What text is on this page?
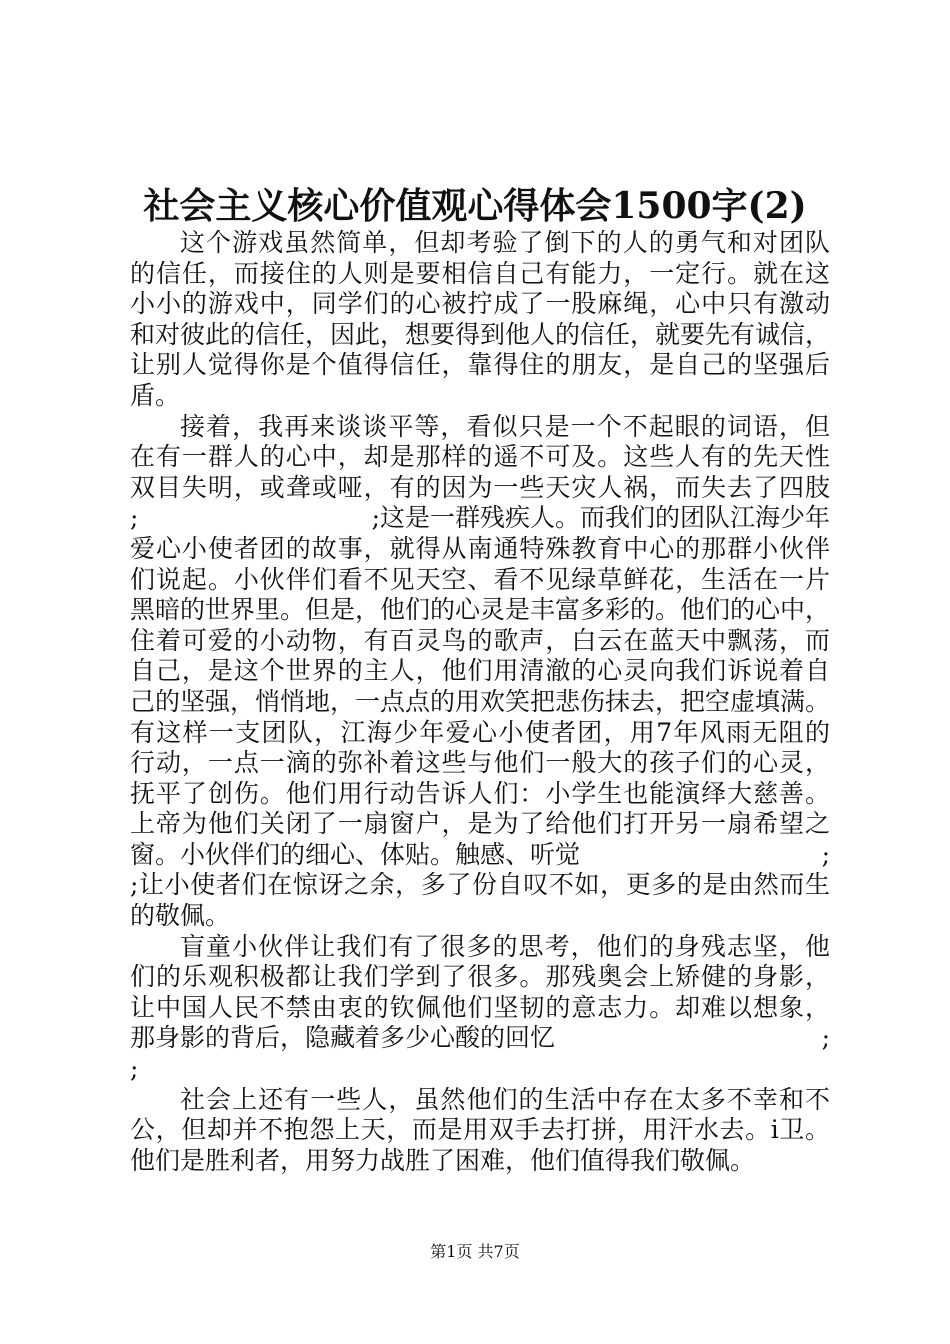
社会主义核心价值观心得体会1500字(2)
这个游戏虽然简单，但却考验了倒下的人的勇气和对团队
的信任，而接住的人则是要相信自己有能力，一定行。就在这
小小的游戏中，同学们的心被拧成了一股麻绳，心中只有激动
和对彼此的信任，因此，想要得到他人的信任，就要先有诚信，
让别人觉得你是个值得信任，靠得住的朋友，是自己的坚强后
盾。
接着，我再来谈谈平等，看似只是一个不起眼的词语，但
在有一群人的心中，却是那样的遥不可及。这些人有的先天性
双目失明，或聋或哑，有的因为一些天灾人祸，而失去了四肢
;	;这是一群残疾人。而我们的团队江海少年
爱心小使者团的故事，就得从南通特殊教育中心的那群小伙伴
们说起。小伙伴们看不见天空、看不见绿草鲜花，生活在一片
黑暗的世界里。但是，他们的心灵是丰富多彩的。他们的心中，
住着可爱的小动物，有百灵鸟的歌声，白云在蓝天中飘荡，而
自己，是这个世界的主人，他们用清澈的心灵向我们诉说着自
己的坚强，悄悄地，一点点的用欢笑把悲伤抹去，把空虚填满。
有这样一支团队，江海少年爱心小使者团，用7年风雨无阻的
行动，一点一滴的弥补着这些与他们一般大的孩子们的心灵，
抚平了创伤。他们用行动告诉人们：小学生也能演绎大慈善。
上帝为他们关闭了一扇窗户，是为了给他们打开另一扇希望之
窗。小伙伴们的细心、体贴。触感、听觉	;
;让小使者们在惊讶之余，多了份自叹不如，更多的是由然而生
的敬佩。
盲童小伙伴让我们有了很多的思考，他们的身残志坚，他
们的乐观积极都让我们学到了很多。那残奥会上矫健的身影，
让中国人民不禁由衷的钦佩他们坚韧的意志力。却难以想象，
那身影的背后，隐藏着多少心酸的回忆	;
;
社会上还有一些人，虽然他们的生活中存在太多不幸和不
公，但却并不抱怨上天，而是用双手去打拼，用汗水去。i卫。
他们是胜利者，用努力战胜了困难，他们值得我们敬佩。
第1页 共7页
